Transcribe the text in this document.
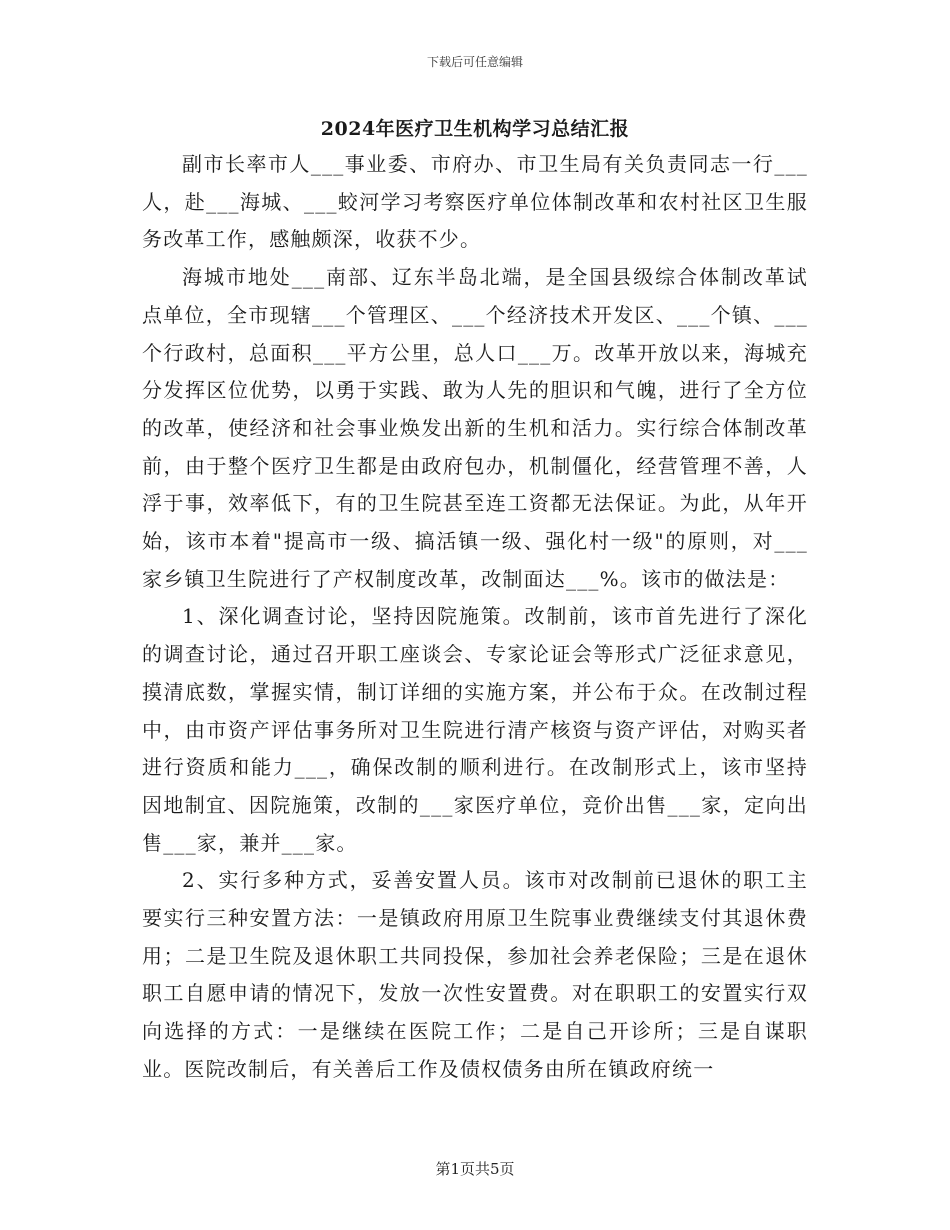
下载后可任意编辑
2024年医疗卫生机构学习总结汇报

副市长率市人___事业委、市府办、市卫生局有关负责同志一行___人，赴___海城、___蛟河学习考察医疗单位体制改革和农村社区卫生服务改革工作，感触颇深，收获不少。

海城市地处___南部、辽东半岛北端，是全国县级综合体制改革试点单位，全市现辖___个管理区、___个经济技术开发区、___个镇、___个行政村，总面积___平方公里，总人口___万。改革开放以来，海城充分发挥区位优势，以勇于实践、敢为人先的胆识和气魄，进行了全方位的改革，使经济和社会事业焕发出新的生机和活力。实行综合体制改革前，由于整个医疗卫生都是由政府包办，机制僵化，经营管理不善，人浮于事，效率低下，有的卫生院甚至连工资都无法保证。为此，从年开始，该市本着"提高市一级、搞活镇一级、强化村一级"的原则，对___家乡镇卫生院进行了产权制度改革，改制面达___%。该市的做法是：

1、深化调查讨论，坚持因院施策。改制前，该市首先进行了深化的调查讨论，通过召开职工座谈会、专家论证会等形式广泛征求意见，摸清底数，掌握实情，制订详细的实施方案，并公布于众。在改制过程中，由市资产评估事务所对卫生院进行清产核资与资产评估，对购买者进行资质和能力___，确保改制的顺利进行。在改制形式上，该市坚持因地制宜、因院施策，改制的___家医疗单位，竞价出售___家，定向出售___家，兼并___家。

2、实行多种方式，妥善安置人员。该市对改制前已退休的职工主要实行三种安置方法：一是镇政府用原卫生院事业费继续支付其退休费用；二是卫生院及退休职工共同投保，参加社会养老保险；三是在退休职工自愿申请的情况下，发放一次性安置费。对在职职工的安置实行双向选择的方式：一是继续在医院工作；二是自己开诊所；三是自谋职业。医院改制后，有关善后工作及债权债务由所在镇政府统一

第1页共5页
